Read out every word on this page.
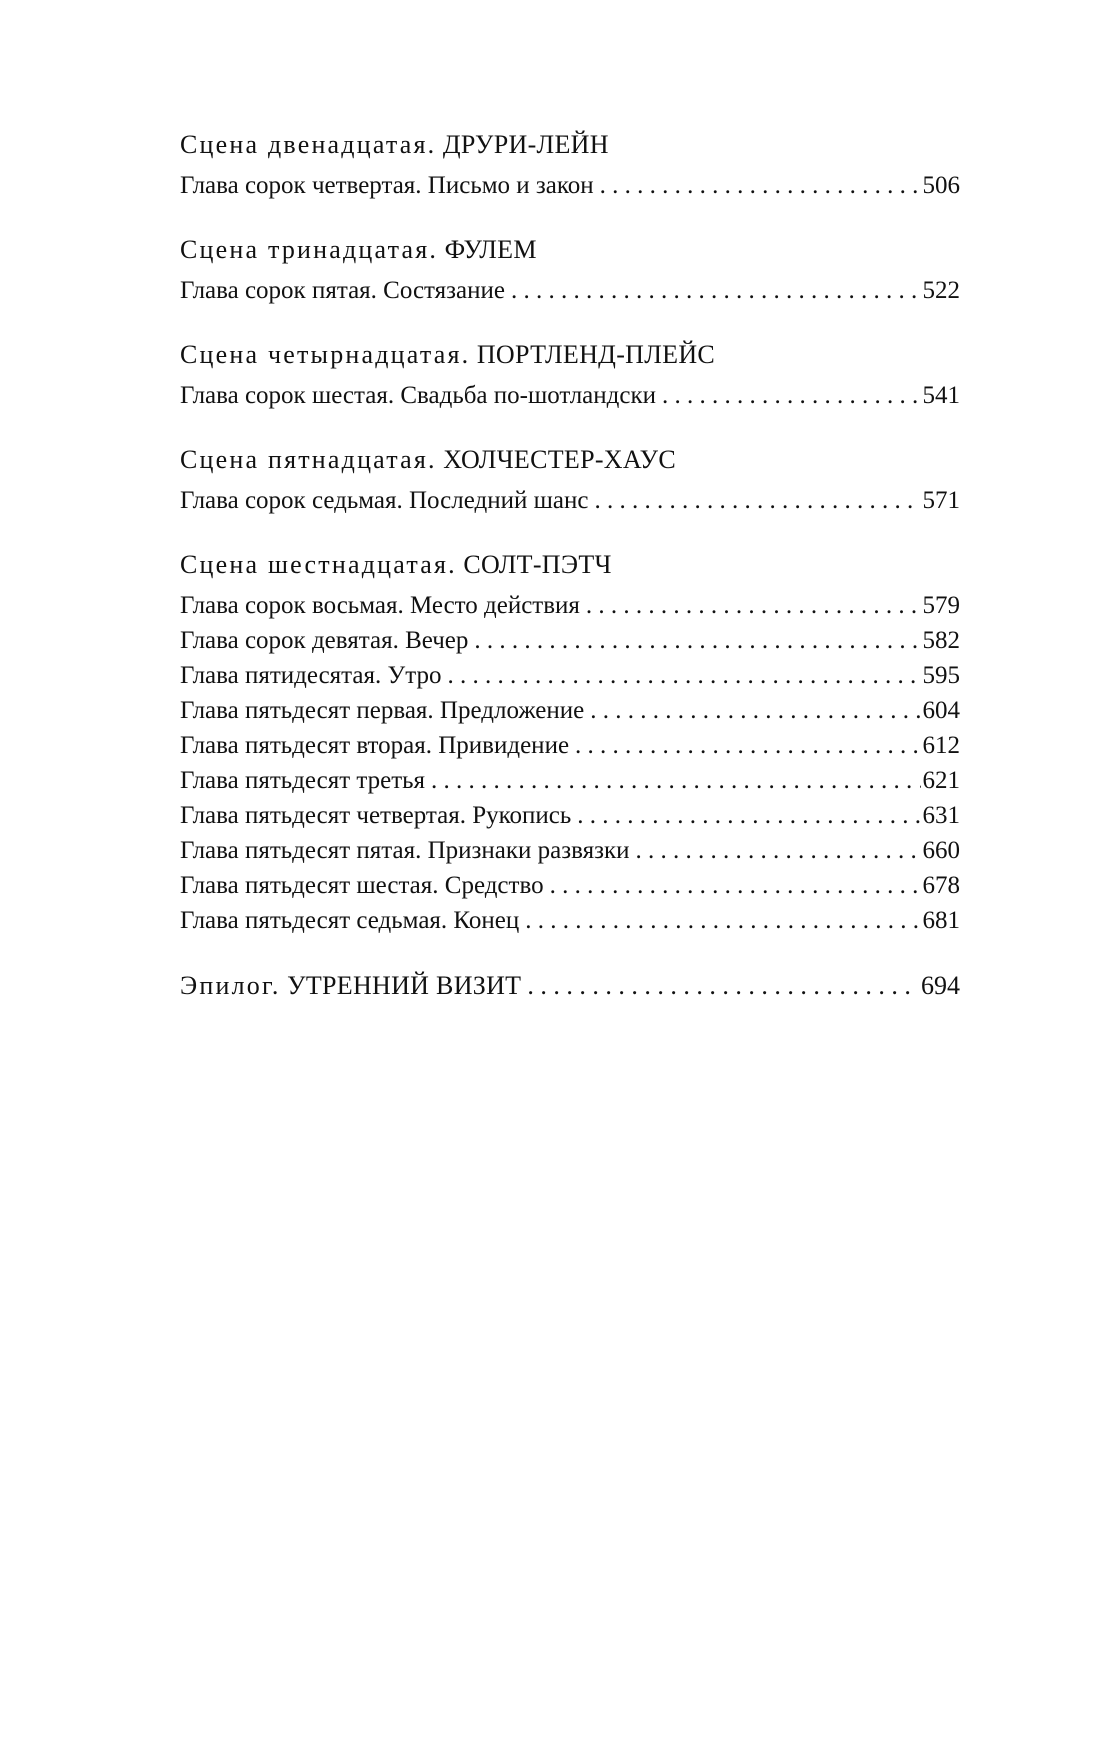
Сцена двенадцатая. ДРУРИ-ЛЕЙН
Глава сорок четвертая. Письмо и закон . . .	506
Сцена тринадцатая. ФУЛЕМ
Глава сорок пятая. Состязание . . .	522
Сцена четырнадцатая. ПОРТЛЕНД-ПЛЕЙС
Глава сорок шестая. Свадьба по-шотландски . . .	541
Сцена пятнадцатая. ХОЛЧЕСТЕР-ХАУС
Глава сорок седьмая. Последний шанс . . .	571
Сцена шестнадцатая. СОЛТ-ПЭТЧ
Глава сорок восьмая. Место действия . . .	579
Глава сорок девятая. Вечер . . .	582
Глава пятидесятая. Утро . . .	595
Глава пятьдесят первая. Предложение . . .	604
Глава пятьдесят вторая. Привидение . . .	612
Глава пятьдесят третья . . .	621
Глава пятьдесят четвертая. Рукопись . . .	631
Глава пятьдесят пятая. Признаки развязки . . .	660
Глава пятьдесят шестая. Средство . . .	678
Глава пятьдесят седьмая. Конец . . .	681
Эпилог. УТРЕННИЙ ВИЗИТ . . .	694
